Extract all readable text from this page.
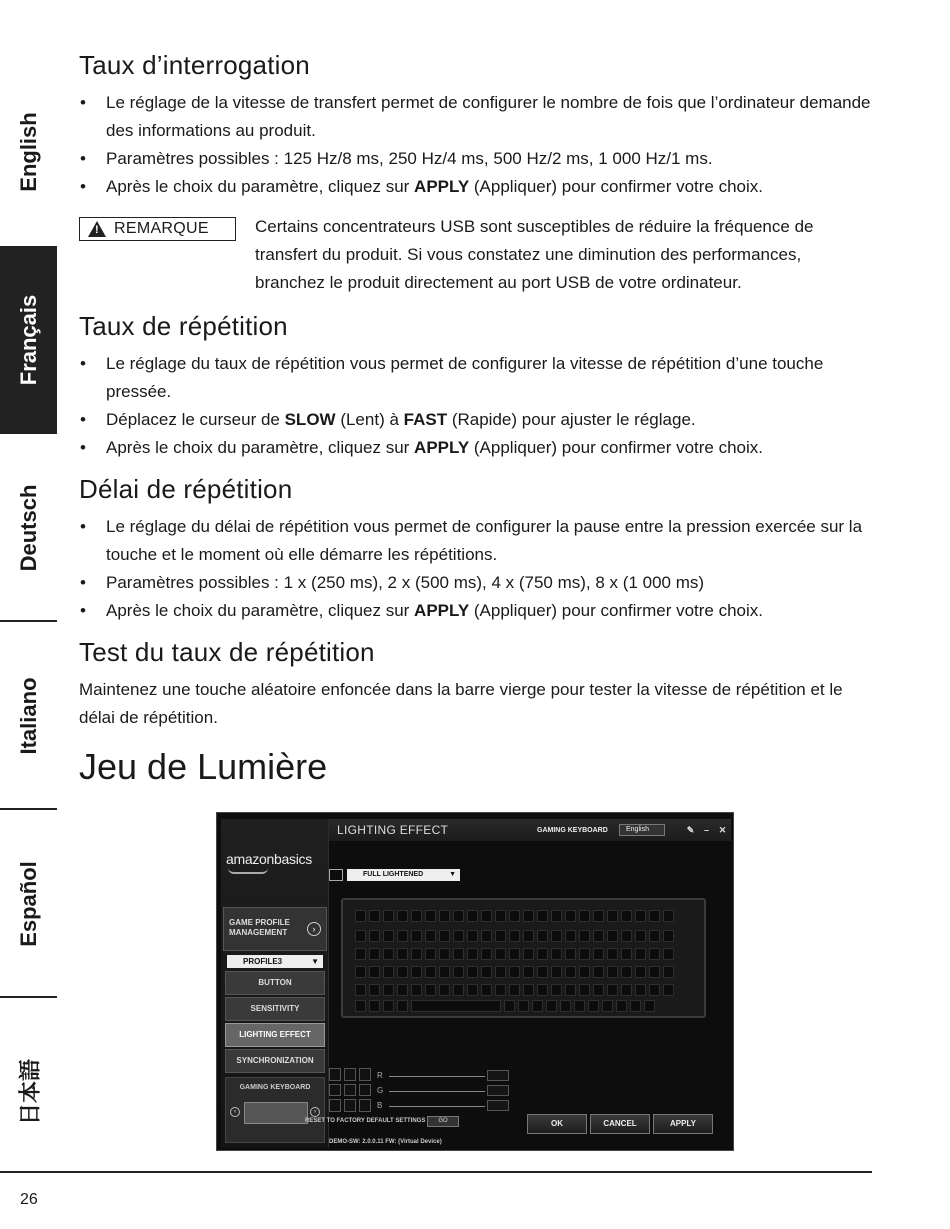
English
Français
Deutsch
Italiano
Español
日本語
Taux d’interrogation
• Le réglage de la vitesse de transfert permet de configurer le nombre de fois que l’ordinateur demande des informations au produit.
• Paramètres possibles : 125 Hz/8 ms, 250 Hz/4 ms, 500 Hz/2 ms, 1 000 Hz/1 ms.
• Après le choix du paramètre, cliquez sur APPLY (Appliquer) pour confirmer votre choix.
!
REMARQUE	Certains concentrateurs USB sont susceptibles de réduire la fréquence de transfert du produit. Si vous constatez une diminution des performances, branchez le produit directement au port USB de votre ordinateur.
Taux de répétition
• Le réglage du taux de répétition vous permet de configurer la vitesse de répétition d’une touche pressée.
• Déplacez le curseur de SLOW (Lent) à FAST (Rapide) pour ajuster le réglage.
• Après le choix du paramètre, cliquez sur APPLY (Appliquer) pour confirmer votre choix.
Délai de répétition
• Le réglage du délai de répétition vous permet de configurer la pause entre la pression exercée sur la touche et le moment où elle démarre les répétitions.
• Paramètres possibles : 1 x (250 ms), 2 x (500 ms), 4 x (750 ms), 8 x (1 000 ms)
• Après le choix du paramètre, cliquez sur APPLY (Appliquer) pour confirmer votre choix.
Test du taux de répétition

Maintenez une touche aléatoire enfoncée dans la barre vierge pour tester la vitesse de répétition et le délai de répétition.

Jeu de Lumière
amazonbasics
GAME PROFILE
MANAGEMENT	›
PROFILE3	▼
BUTTON
SENSITIVITY
LIGHTING EFFECT
SYNCHRONIZATION
GAMING KEYBOARD
‹	›
LIGHTING EFFECT	GAMING KEYBOARD	English	✎	–	✕
FULL LIGHTENED	▼
R
G
B
RESET TO FACTORY DEFAULT SETTINGS	GO	OK	CANCEL	APPLY
DEMO-SW: 2.0.0.11 FW: (Virtual Device)
26
